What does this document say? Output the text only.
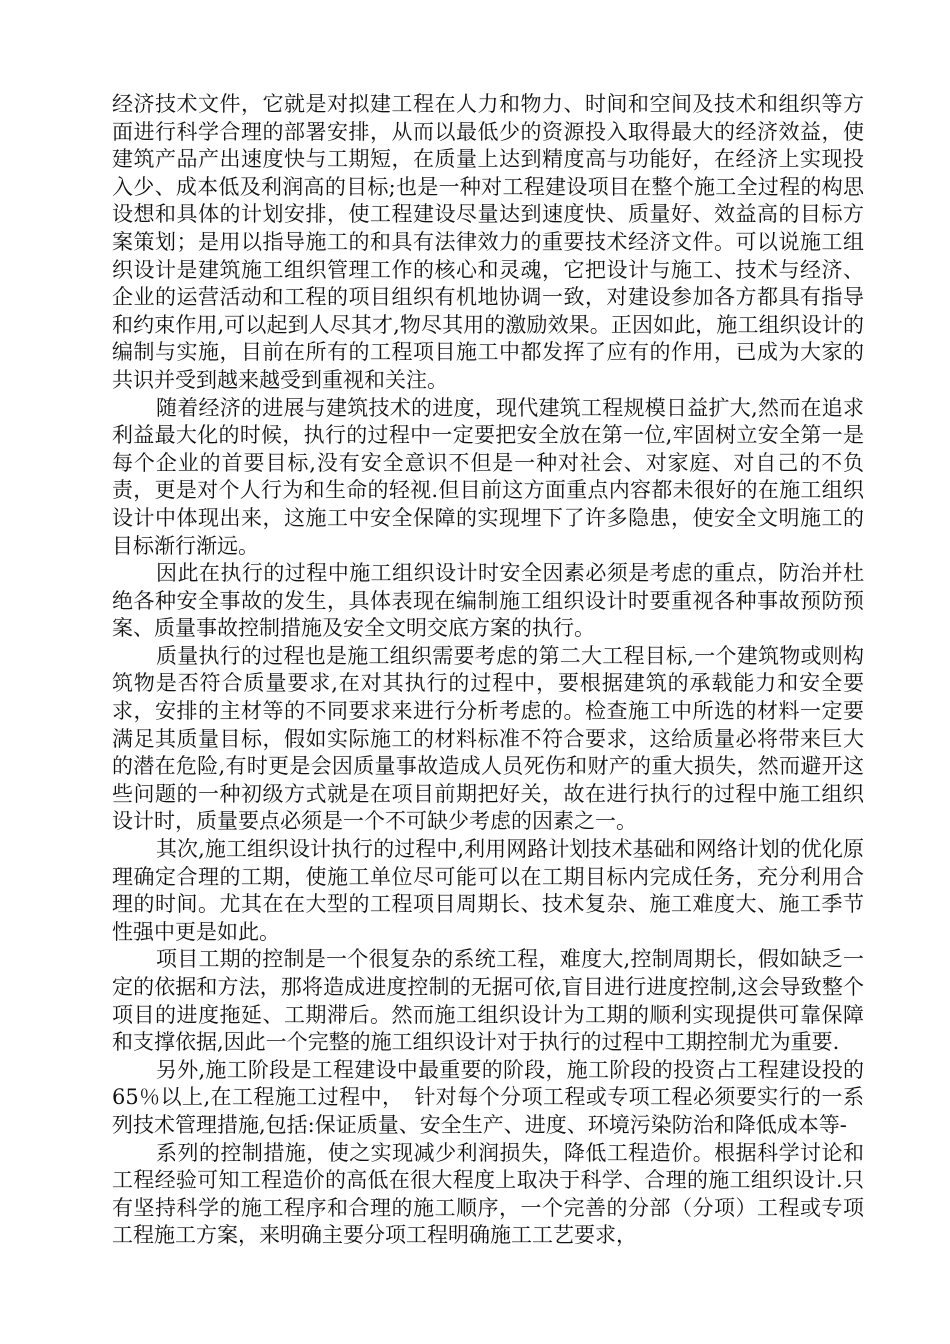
经济技术文件，它就是对拟建工程在人力和物力、时间和空间及技术和组织等方面进行科学合理的部署安排，从而以最低少的资源投入取得最大的经济效益，使建筑产品产出速度快与工期短，在质量上达到精度高与功能好，在经济上实现投入少、成本低及利润高的目标;也是一种对工程建设项目在整个施工全过程的构思设想和具体的计划安排，使工程建设尽量达到速度快、质量好、效益高的目标方案策划；是用以指导施工的和具有法律效力的重要技术经济文件。可以说施工组织设计是建筑施工组织管理工作的核心和灵魂，它把设计与施工、技术与经济、企业的运营活动和工程的项目组织有机地协调一致，对建设参加各方都具有指导和约束作用,可以起到人尽其才,物尽其用的激励效果。正因如此，施工组织设计的编制与实施，目前在所有的工程项目施工中都发挥了应有的作用，已成为大家的共识并受到越来越受到重视和关注。

随着经济的进展与建筑技术的进度，现代建筑工程规模日益扩大,然而在追求利益最大化的时候，执行的过程中一定要把安全放在第一位,牢固树立安全第一是每个企业的首要目标,没有安全意识不但是一种对社会、对家庭、对自己的不负责，更是对个人行为和生命的轻视.但目前这方面重点内容都未很好的在施工组织设计中体现出来，这施工中安全保障的实现埋下了许多隐患，使安全文明施工的目标渐行渐远。

因此在执行的过程中施工组织设计时安全因素必须是考虑的重点，防治并杜绝各种安全事故的发生，具体表现在编制施工组织设计时要重视各种事故预防预案、质量事故控制措施及安全文明交底方案的执行。

质量执行的过程也是施工组织需要考虑的第二大工程目标,一个建筑物或则构筑物是否符合质量要求,在对其执行的过程中，要根据建筑的承载能力和安全要求，安排的主材等的不同要求来进行分析考虑的。检查施工中所选的材料一定要满足其质量目标，假如实际施工的材料标准不符合要求，这给质量必将带来巨大的潜在危险,有时更是会因质量事故造成人员死伤和财产的重大损失，然而避开这些问题的一种初级方式就是在项目前期把好关，故在进行执行的过程中施工组织设计时，质量要点必须是一个不可缺少考虑的因素之一。

其次,施工组织设计执行的过程中,利用网路计划技术基础和网络计划的优化原理确定合理的工期，使施工单位尽可能可以在工期目标内完成任务，充分利用合理的时间。尤其在在大型的工程项目周期长、技术复杂、施工难度大、施工季节性强中更是如此。

项目工期的控制是一个很复杂的系统工程，难度大,控制周期长，假如缺乏一定的依据和方法，那将造成进度控制的无据可依,盲目进行进度控制,这会导致整个项目的进度拖延、工期滞后。然而施工组织设计为工期的顺利实现提供可靠保障和支撑依据,因此一个完整的施工组织设计对于执行的过程中工期控制尤为重要.

另外,施工阶段是工程建设中最重要的阶段，施工阶段的投资占工程建设投的65％以上,在工程施工过程中，　针对每个分项工程或专项工程必须要实行的一系列技术管理措施,包括:保证质量、安全生产、进度、环境污染防治和降低成本等-

系列的控制措施，使之实现减少利润损失，降低工程造价。根据科学讨论和工程经验可知工程造价的高低在很大程度上取决于科学、合理的施工组织设计.只有坚持科学的施工程序和合理的施工顺序，一个完善的分部（分项）工程或专项工程施工方案，来明确主要分项工程明确施工工艺要求，
